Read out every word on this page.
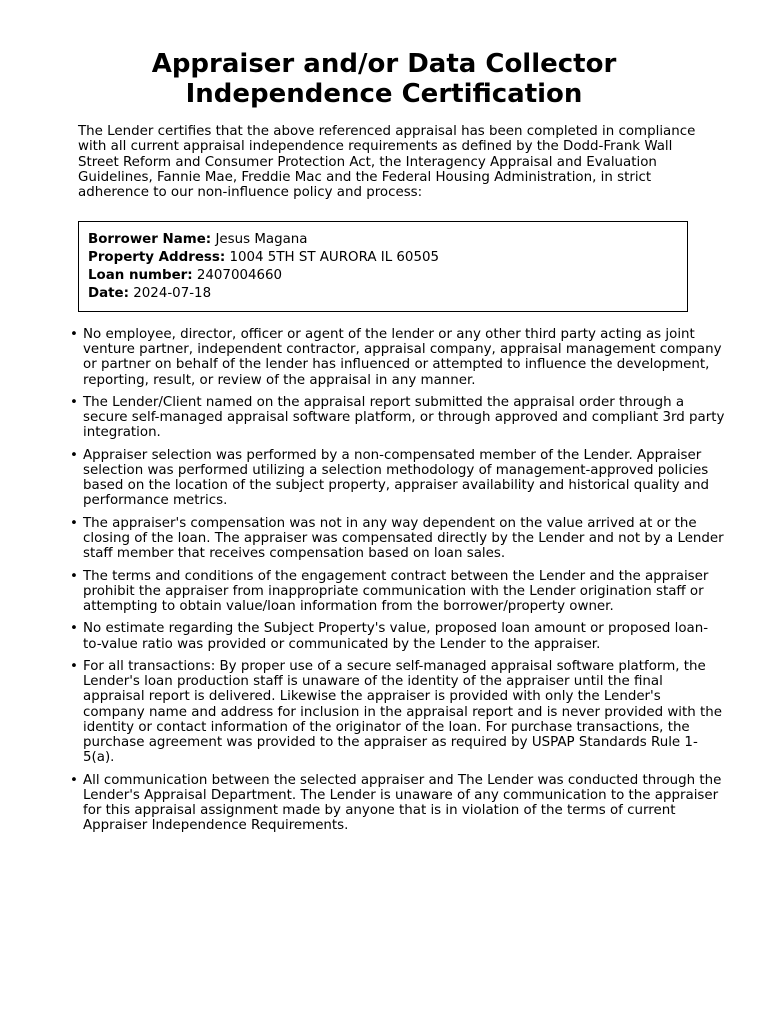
Appraiser and/or Data Collector
Independence Certification

The Lender certifies that the above referenced appraisal has been completed in compliance with all current appraisal independence requirements as defined by the Dodd-Frank Wall Street Reform and Consumer Protection Act, the Interagency Appraisal and Evaluation Guidelines, Fannie Mae, Freddie Mac and the Federal Housing Administration, in strict adherence to our non-influence policy and process:

Borrower Name: Jesus Magana
Property Address: 1004 5TH ST AURORA IL 60505
Loan number: 2407004660
Date: 2024-07-18
• No employee, director, officer or agent of the lender or any other third party acting as joint venture partner, independent contractor, appraisal company, appraisal management company or partner on behalf of the lender has influenced or attempted to influence the development, reporting, result, or review of the appraisal in any manner.
• The Lender/Client named on the appraisal report submitted the appraisal order through a secure self-managed appraisal software platform, or through approved and compliant 3rd party integration.
• Appraiser selection was performed by a non-compensated member of the Lender. Appraiser selection was performed utilizing a selection methodology of management-approved policies based on the location of the subject property, appraiser availability and historical quality and performance metrics.
• The appraiser's compensation was not in any way dependent on the value arrived at or the closing of the loan. The appraiser was compensated directly by the Lender and not by a Lender staff member that receives compensation based on loan sales.
• The terms and conditions of the engagement contract between the Lender and the appraiser prohibit the appraiser from inappropriate communication with the Lender origination staff or attempting to obtain value/loan information from the borrower/property owner.
• No estimate regarding the Subject Property's value, proposed loan amount or proposed loan-to-value ratio was provided or communicated by the Lender to the appraiser.
• For all transactions: By proper use of a secure self-managed appraisal software platform, the Lender's loan production staff is unaware of the identity of the appraiser until the final appraisal report is delivered. Likewise the appraiser is provided with only the Lender's company name and address for inclusion in the appraisal report and is never provided with the identity or contact information of the originator of the loan. For purchase transactions, the purchase agreement was provided to the appraiser as required by USPAP Standards Rule 1-5(a).
• All communication between the selected appraiser and The Lender was conducted through the Lender's Appraisal Department. The Lender is unaware of any communication to the appraiser for this appraisal assignment made by anyone that is in violation of the terms of current Appraiser Independence Requirements.
